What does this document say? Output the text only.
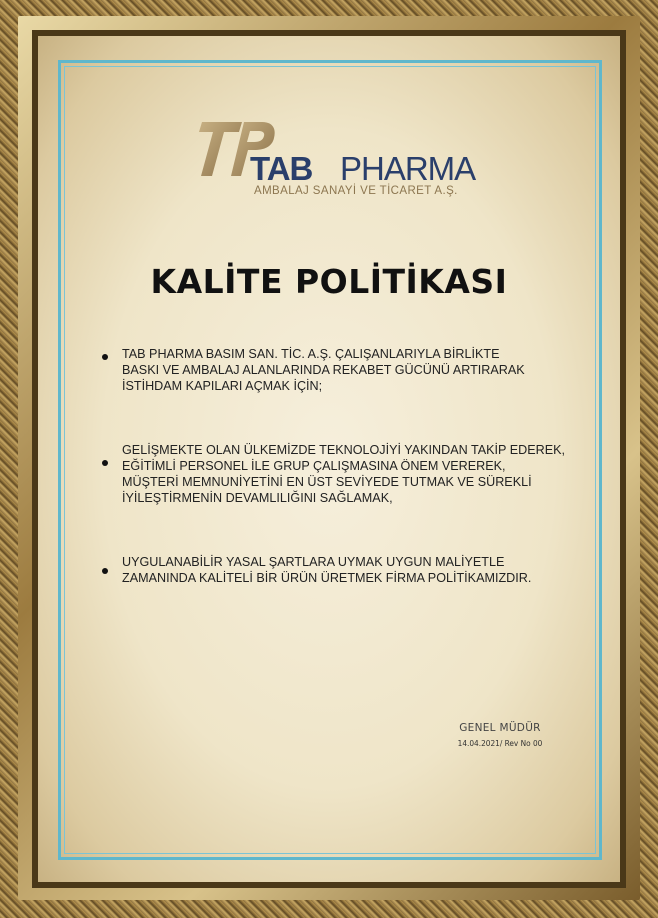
TAB PHARMA
AMBALAJ SANAYİ VE TİCARET A.Ş.
KALİTE POLİTİKASI
TAB PHARMA BASIM SAN. TİC. A.Ş. ÇALIŞANLARIYLA BİRLİKTE
BASKI VE AMBALAJ ALANLARINDA REKABET GÜCÜNÜ ARTIRARAK
İSTİHDAM KAPILARI AÇMAK İÇİN;
GELİŞMEKTE OLAN ÜLKEMİZDE TEKNOLOJİYİ YAKINDAN TAKİP EDEREK,
EĞİTİMLİ PERSONEL İLE GRUP ÇALIŞMASINA ÖNEM VEREREK,
MÜŞTERİ MEMNUNİYETİNİ EN ÜST SEVİYEDE TUTMAK VE SÜREKLİ
İYİLEŞTİRMENİN DEVAMLILIĞINI SAĞLAMAK,
UYGULANABİLİR YASAL ŞARTLARA UYMAK UYGUN MALİYETLE
ZAMANINDA KALİTELİ BİR ÜRÜN ÜRETMEK FİRMA POLİTİKAMIZDIR.
GENEL MÜDÜR
14.04.2021/ Rev No 00
